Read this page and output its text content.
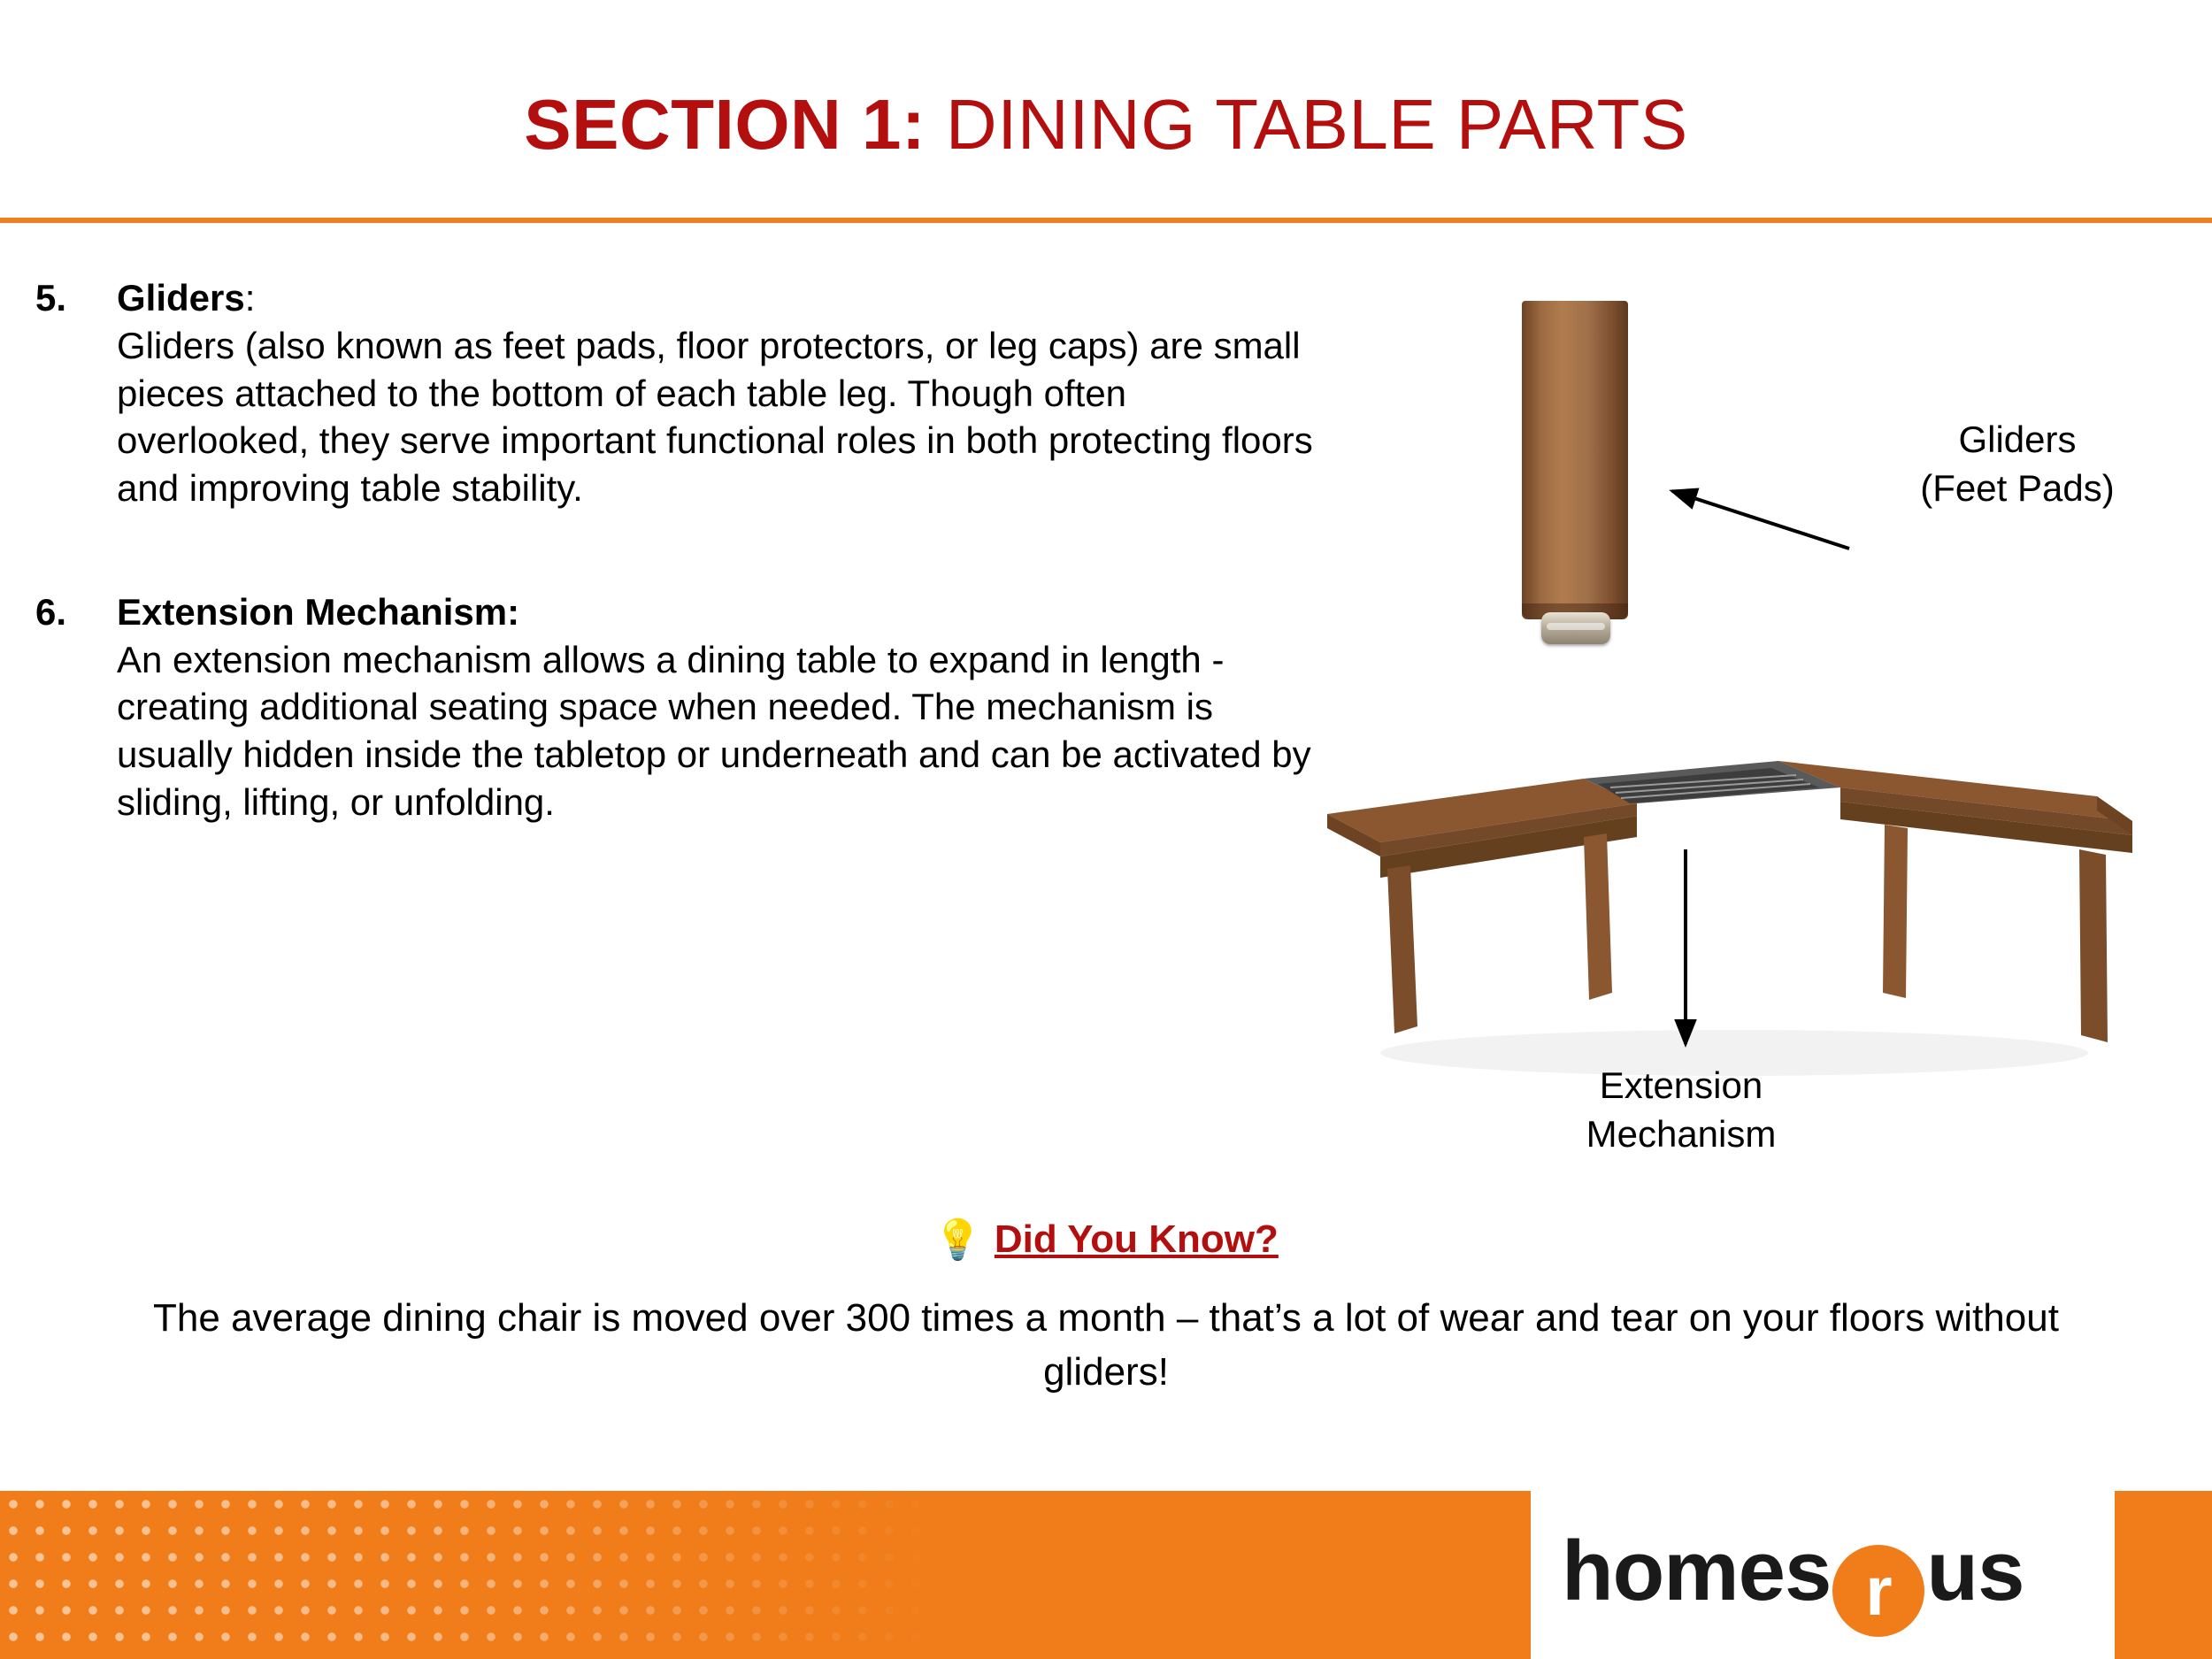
SECTION 1: DINING TABLE PARTS
5.	Gliders:
Gliders (also known as feet pads, floor protectors, or leg caps) are small pieces attached to the bottom of each table leg. Though often overlooked, they serve important functional roles in both protecting floors and improving table stability.
6.	Extension Mechanism:
An extension mechanism allows a dining table to expand in length - creating additional seating space when needed. The mechanism is usually hidden inside the tabletop or underneath and can be activated by sliding, lifting, or unfolding.
Gliders
(Feet Pads)
Extension
Mechanism
💡 Did You Know?
The average dining chair is moved over 300 times a month – that’s a lot of wear and tear on your floors without gliders!
homes r us
